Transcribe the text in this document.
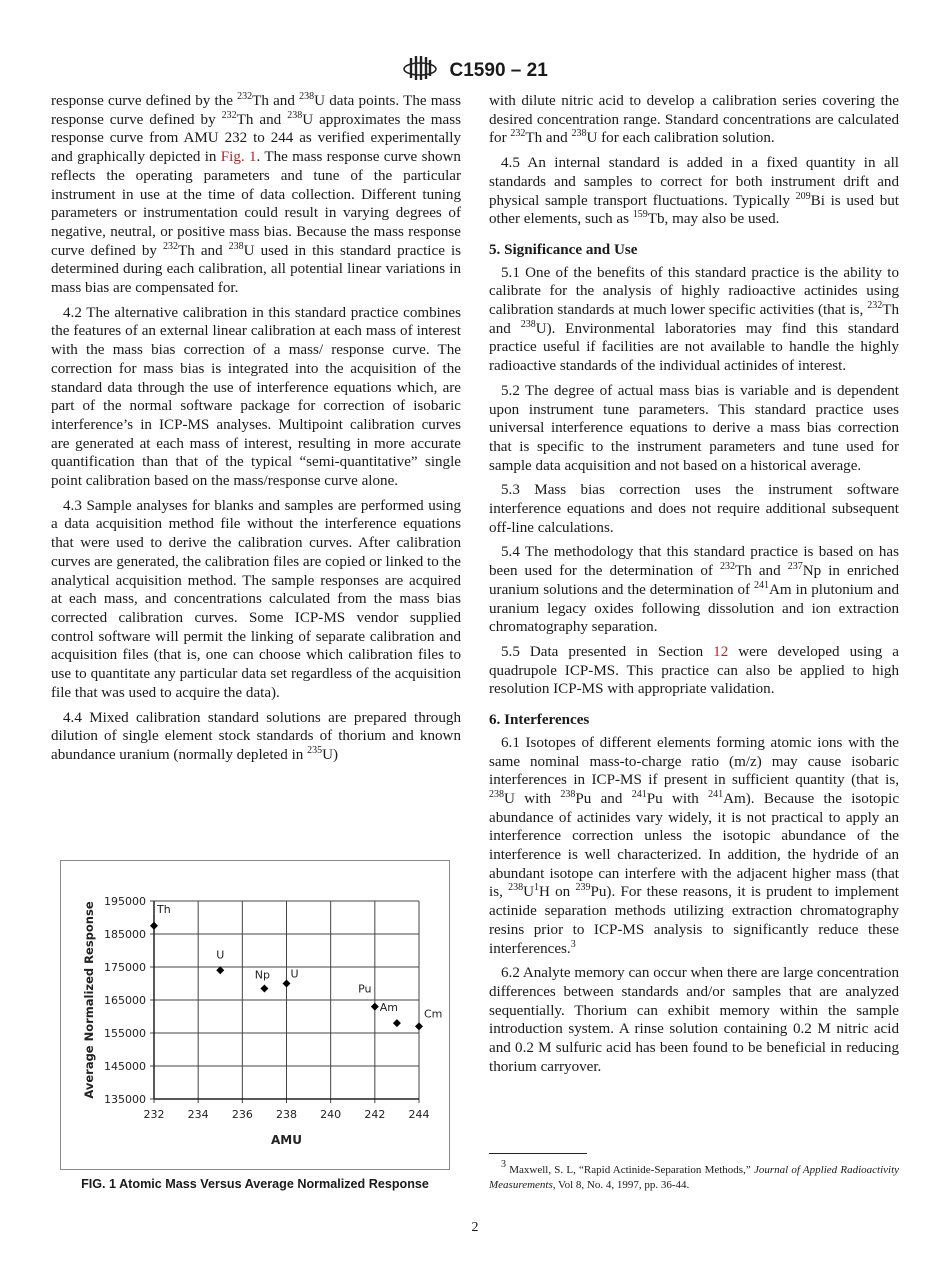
C1590 – 21

response curve defined by the $^{232}$Th and $^{238}$U data points. The mass response curve defined by $^{232}$Th and $^{238}$U approximates the mass response curve from AMU 232 to 244 as verified experimentally and graphically depicted in Fig. 1. The mass response curve shown reflects the operating parameters and tune of the particular instrument in use at the time of data collection. Different tuning parameters or instrumentation could result in varying degrees of negative, neutral, or positive mass bias. Because the mass response curve defined by $^{232}$Th and $^{238}$U used in this standard practice is determined during each calibration, all potential linear variations in mass bias are compensated for.

4.2 The alternative calibration in this standard practice combines the features of an external linear calibration at each mass of interest with the mass bias correction of a mass/ response curve. The correction for mass bias is integrated into the acquisition of the standard data through the use of interference equations which, are part of the normal software package for correction of isobaric interference’s in ICP-MS analyses. Multipoint calibration curves are generated at each mass of interest, resulting in more accurate quantification than that of the typical “semi-quantitative” single point calibration based on the mass/response curve alone.

4.3 Sample analyses for blanks and samples are performed using a data acquisition method file without the interference equations that were used to derive the calibration curves. After calibration curves are generated, the calibration files are copied or linked to the analytical acquisition method. The sample responses are acquired at each mass, and concentrations calculated from the mass bias corrected calibration curves. Some ICP-MS vendor supplied control software will permit the linking of separate calibration and acquisition files (that is, one can choose which calibration files to use to quantitate any particular data set regardless of the acquisition file that was used to acquire the data).

4.4 Mixed calibration standard solutions are prepared through dilution of single element stock standards of thorium and known abundance uranium (normally depleted in $^{235}$U)

232 234 236 238 240 242 244
195000
185000
175000
165000
155000
145000
135000
AMU
Average Normalized Response	Th
U
Np U
Pu
Am Cm
FIG. 1 Atomic Mass Versus Average Normalized Response

with dilute nitric acid to develop a calibration series covering the desired concentration range. Standard concentrations are calculated for $^{232}$Th and $^{238}$U for each calibration solution.

4.5 An internal standard is added in a fixed quantity in all standards and samples to correct for both instrument drift and physical sample transport fluctuations. Typically $^{209}$Bi is used but other elements, such as $^{159}$Tb, may also be used.

5. Significance and Use

5.1 One of the benefits of this standard practice is the ability to calibrate for the analysis of highly radioactive actinides using calibration standards at much lower specific activities (that is, $^{232}$Th and $^{238}$U). Environmental laboratories may find this standard practice useful if facilities are not available to handle the highly radioactive standards of the individual actinides of interest.

5.2 The degree of actual mass bias is variable and is dependent upon instrument tune parameters. This standard practice uses universal interference equations to derive a mass bias correction that is specific to the instrument parameters and tune used for sample data acquisition and not based on a historical average.

5.3 Mass bias correction uses the instrument software interference equations and does not require additional subsequent off-line calculations.

5.4 The methodology that this standard practice is based on has been used for the determination of $^{232}$Th and $^{237}$Np in enriched uranium solutions and the determination of $^{241}$Am in plutonium and uranium legacy oxides following dissolution and ion extraction chromatography separation.

5.5 Data presented in Section 12 were developed using a quadrupole ICP-MS. This practice can also be applied to high resolution ICP-MS with appropriate validation.

6. Interferences

6.1 Isotopes of different elements forming atomic ions with the same nominal mass-to-charge ratio (m/z) may cause isobaric interferences in ICP-MS if present in sufficient quantity (that is, $^{238}$U with $^{238}$Pu and $^{241}$Pu with $^{241}$Am). Because the isotopic abundance of actinides vary widely, it is not practical to apply an interference correction unless the isotopic abundance of the interference is well characterized. In addition, the hydride of an abundant isotope can interfere with the adjacent higher mass (that is, $^{238}U^1H$ on $^{239}$Pu). For these reasons, it is prudent to implement actinide separation methods utilizing extraction chromatography resins prior to ICP-MS analysis to significantly reduce these interferences.$^3$

6.2 Analyte memory can occur when there are large concentration differences between standards and/or samples that are analyzed sequentially. Thorium can exhibit memory within the sample introduction system. A rinse solution containing 0.2 M nitric acid and 0.2 M sulfuric acid has been found to be beneficial in reducing thorium carryover.

$^3$ Maxwell, S. L, “Rapid Actinide-Separation Methods,” Journal of Applied Radioactivity Measurements, Vol 8, No. 4, 1997, pp. 36-44.
2
